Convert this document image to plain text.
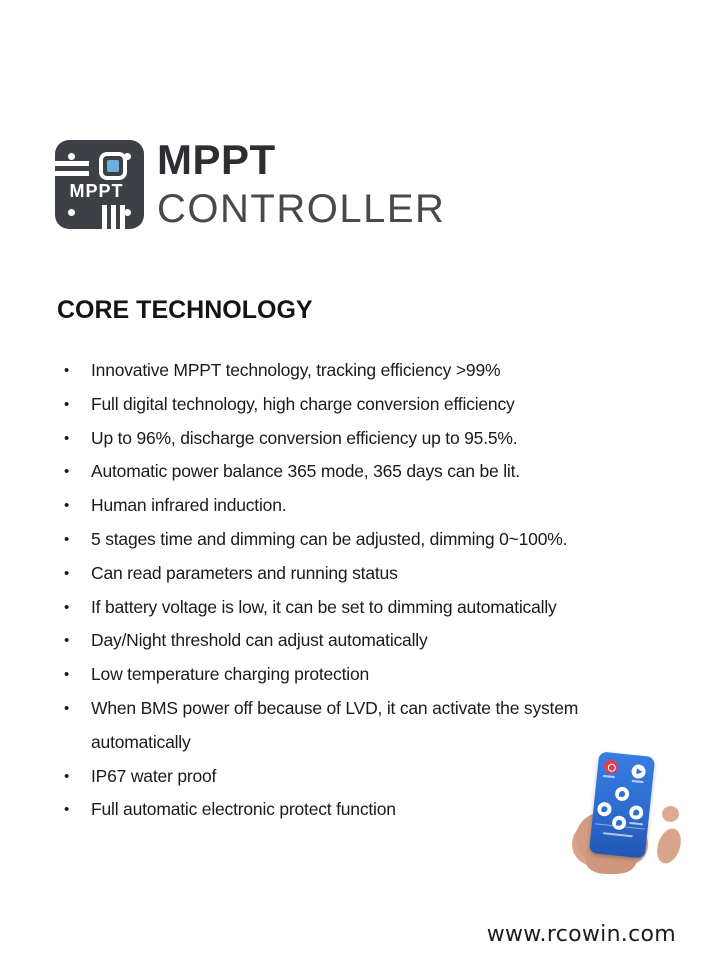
MPPT
MPPT
CONTROLLER
CORE TECHNOLOGY
• Innovative MPPT technology, tracking efficiency >99%
• Full digital technology, high charge conversion efficiency
• Up to 96%, discharge conversion efficiency up to 95.5%.
• Automatic power balance 365 mode, 365 days can be lit.
• Human infrared induction.
• 5 stages time and dimming can be adjusted, dimming 0~100%.
• Can read parameters and running status
• If battery voltage is low, it can be set to dimming automatically
• Day/Night threshold can adjust automatically
• Low temperature charging protection
• When BMS power off because of LVD, it can activate the system automatically
• IP67 water proof
• Full automatic electronic protect function
www.rcowin.com
